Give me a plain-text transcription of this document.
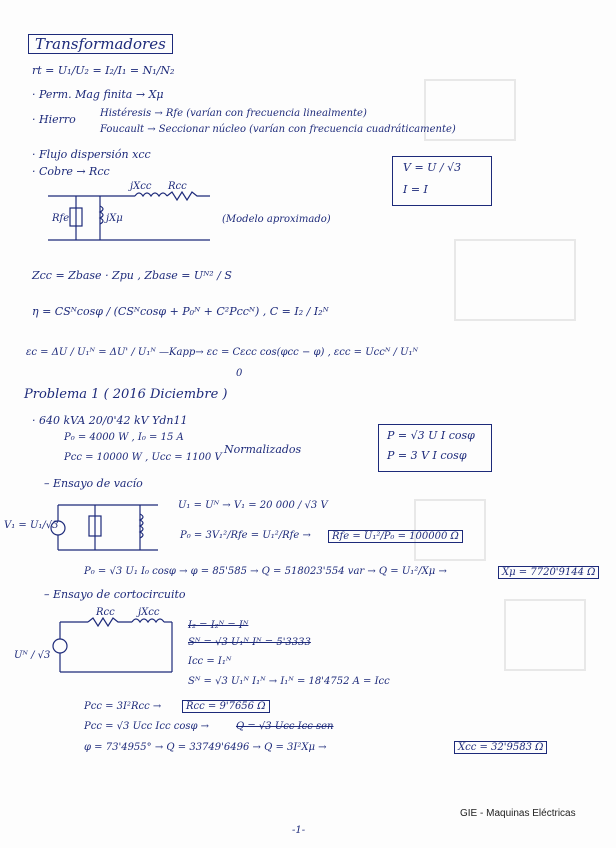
Transformadores
rt = U₁/U₂ = I₂/I₁ = N₁/N₂
· Perm. Mag finita → Xμ
· Hierro Histéresis → Rfe (varían con frecuencia linealmente)
Foucault → Seccionar núcleo (varían con frecuencia cuadráticamente)
· Flujo dispersión xcc
· Cobre → Rcc	V = U / √3
I = I
jXcc Rcc
Rfe	jXμ	(Modelo aproximado)
Zcc = Zbase · Zpu , Zbase = Uᴺ² / S
η = CSᴺcosφ / (CSᴺcosφ + P₀ᴺ + C²Pccᴺ) , C = I₂ / I₂ᴺ
εc = ΔU / U₁ᴺ = ΔU' / U₁ᴺ —Kapp→ εc = Cεcc cos(φcc − φ) , εcc = Uccᴺ / U₁ᴺ
0
Problema 1 ( 2016 Diciembre )
· 640 kVA 20/0'42 kV Ydn11
P₀ = 4000 W , I₀ = 15 A
Pcc = 10000 W , Ucc = 1100 V
Normalizados
P = √3 U I cosφ
P = 3 V I cosφ
– Ensayo de vacío
U₁ = Uᴺ → V₁ = 20 000 / √3 V
V₁ = U₁/√3
P₀ = 3V₁²/Rfe = U₁²/Rfe →	Rfe = U₁²/P₀ = 100000 Ω
P₀ = √3 U₁ I₀ cosφ → φ = 85'585 → Q = 518023'554 var → Q = U₁²/Xμ →	Xμ = 7720'9144 Ω
– Ensayo de cortocircuito
Uᴺ / √3
Rcc jXcc
I₂ = I₂ᴺ = Iᴺ
Sᴺ = √3 U₁ᴺ Iᴺ = 5'3333
Icc = I₁ᴺ
Sᴺ = √3 U₁ᴺ I₁ᴺ → I₁ᴺ = 18'4752 A = Icc
Pcc = 3I²Rcc →	Rcc = 9'7656 Ω
Pcc = √3 Ucc Icc cosφ →	Q = √3 Ucc Icc sen
φ = 73'4955° → Q = 33749'6496 → Q = 3I²Xμ →	Xcc = 32'9583 Ω
GIE - Maquinas Eléctricas
-1-
